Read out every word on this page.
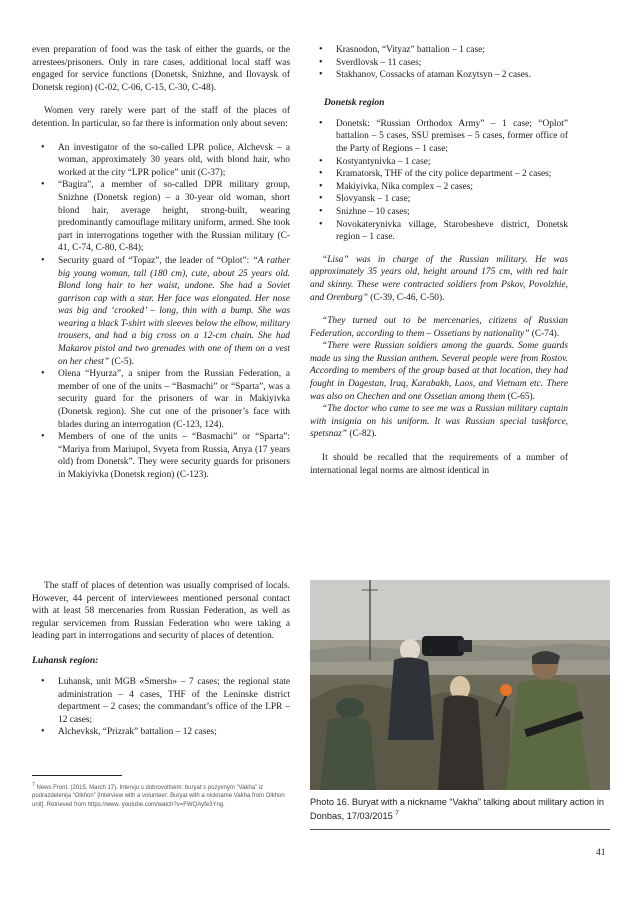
even preparation of food was the task of either the guards, or the arrestees/prisoners. Only in rare cases, additional local staff was engaged for service functions (Donetsk, Snizhne, and Ilovaysk of Donetsk region) (C-02, C-06, C-15, C-30, C-48).

Women very rarely were part of the staff of the places of detention. In particular, so far there is information only about seven:

• An investigator of the so-called LPR police, Alchevsk – a woman, approximately 30 years old, with blond hair, who worked at the city “LPR police” unit (C-37);
• “Bagira”, a member of so-called DPR military group, Snizhne (Donetsk region) – a 30-year old woman, short blond hair, average height, strong-built, wearing predominantly camouflage military uniform, armed. She took part in interrogations together with the Russian military (C-41, C-74, C-80, C-84);
• Security guard of “Topaz”, the leader of “Oplot”: “A rather big young woman, tall (180 cm), cute, about 25 years old. Blond long hair to her waist, undone. She had a Soviet garrison cap with a star. Her face was elongated. Her nose was big and ‘crooked’ – long, thin with a bump. She was wearing a black T-shirt with sleeves below the elbow, military trousers, and had a big cross on a 12-cm chain. She had Makarov pistol and two grenades with one of them on a vest on her chest” (C-5).
• Olena “Hyurza”, a sniper from the Russian Federation, a member of one of the units – “Basmachi” or “Sparta”, was a security guard for the prisoners of war in Makiyivka (Donetsk region). She cut one of the prisoner’s face with blades during an interrogation (C-123, 124).
• Members of one of the units – “Basmachi” or “Sparta”: “Mariya from Mariupol, Svyeta from Russia, Anya (17 years old) from Donetsk”. They were security guards for prisoners in Makiyivka (Donetsk region) (C-123).

The staff of places of detention was usually comprised of locals. However, 44 percent of interviewees mentioned personal contact with at least 58 mercenaries from Russian Federation, as well as regular servicemen from Russian Federation who were taking a leading part in interrogations and security of places of detention.

Luhansk region:

• Luhansk, unit MGB «Smersh» – 7 cases; the regional state administration – 4 cases, THF of the Leninske district department – 2 cases; the commandant’s office of the LPR – 12 cases;
• Alchevksk, “Prizrak” battalion – 12 cases;
• Krasnodon, “Vityaz” battalion – 1 case;
• Sverdlovsk – 11 cases;
• Stakhanov, Cossacks of ataman Kozytsyn – 2 cases.

Donetsk region

• Donetsk: “Russian Orthodox Army” – 1 case; “Oplot” battalion – 5 cases, SSU premises – 5 cases, former office of the Party of Regions – 1 case;
• Kostyantynivka – 1 case;
• Kramatorsk, THF of the city police department – 2 cases;
• Makiyivka, Nika complex – 2 cases;
• Slovyansk – 1 case;
• Snizhne – 10 cases;
• Novokaterynivka village, Starobesheve district, Donetsk region – 1 case.

“Lisa” was in charge of the Russian military. He was approximately 35 years old, height around 175 cm, with red hair and skinny. These were contracted soldiers from Pskov, Povolzhie, and Orenburg” (C-39, C-46, C-50).

“They turned out to be mercenaries, citizens of Russian Federation, according to them – Ossetians by nationality” (C-74).

“There were Russian soldiers among the guards. Some guards made us sing the Russian anthem. Several people were from Rostov. According to members of the group based at that location, they had fought in Dagestan, Iraq, Karabakh, Laos, and Vietnam etc. There was also on Chechen and one Ossetian among them (C-65).

“The doctor who came to see me was a Russian military captain with insignia on his uniform. It was Russian special taskforce, spetsnaz” (C-82).

It should be recalled that the requirements of a number of international legal norms are almost identical in

Photo 16. Buryat with a nickname “Vakha” talking about military action in Donbas, 17/03/2015 $^7$
$^7$ News Front. (2015, March 17). Intervju s dobrovoltsem: buryat s pozyvnym “Vakha” iz podrazdelenija “Olkhon” [Interview with a volunteer: Buryat with a nickname Vakha from Olkhon unit]. Retrieved from https://www. youtube.com/watch?v=FWQAyfe3Yng.
41
